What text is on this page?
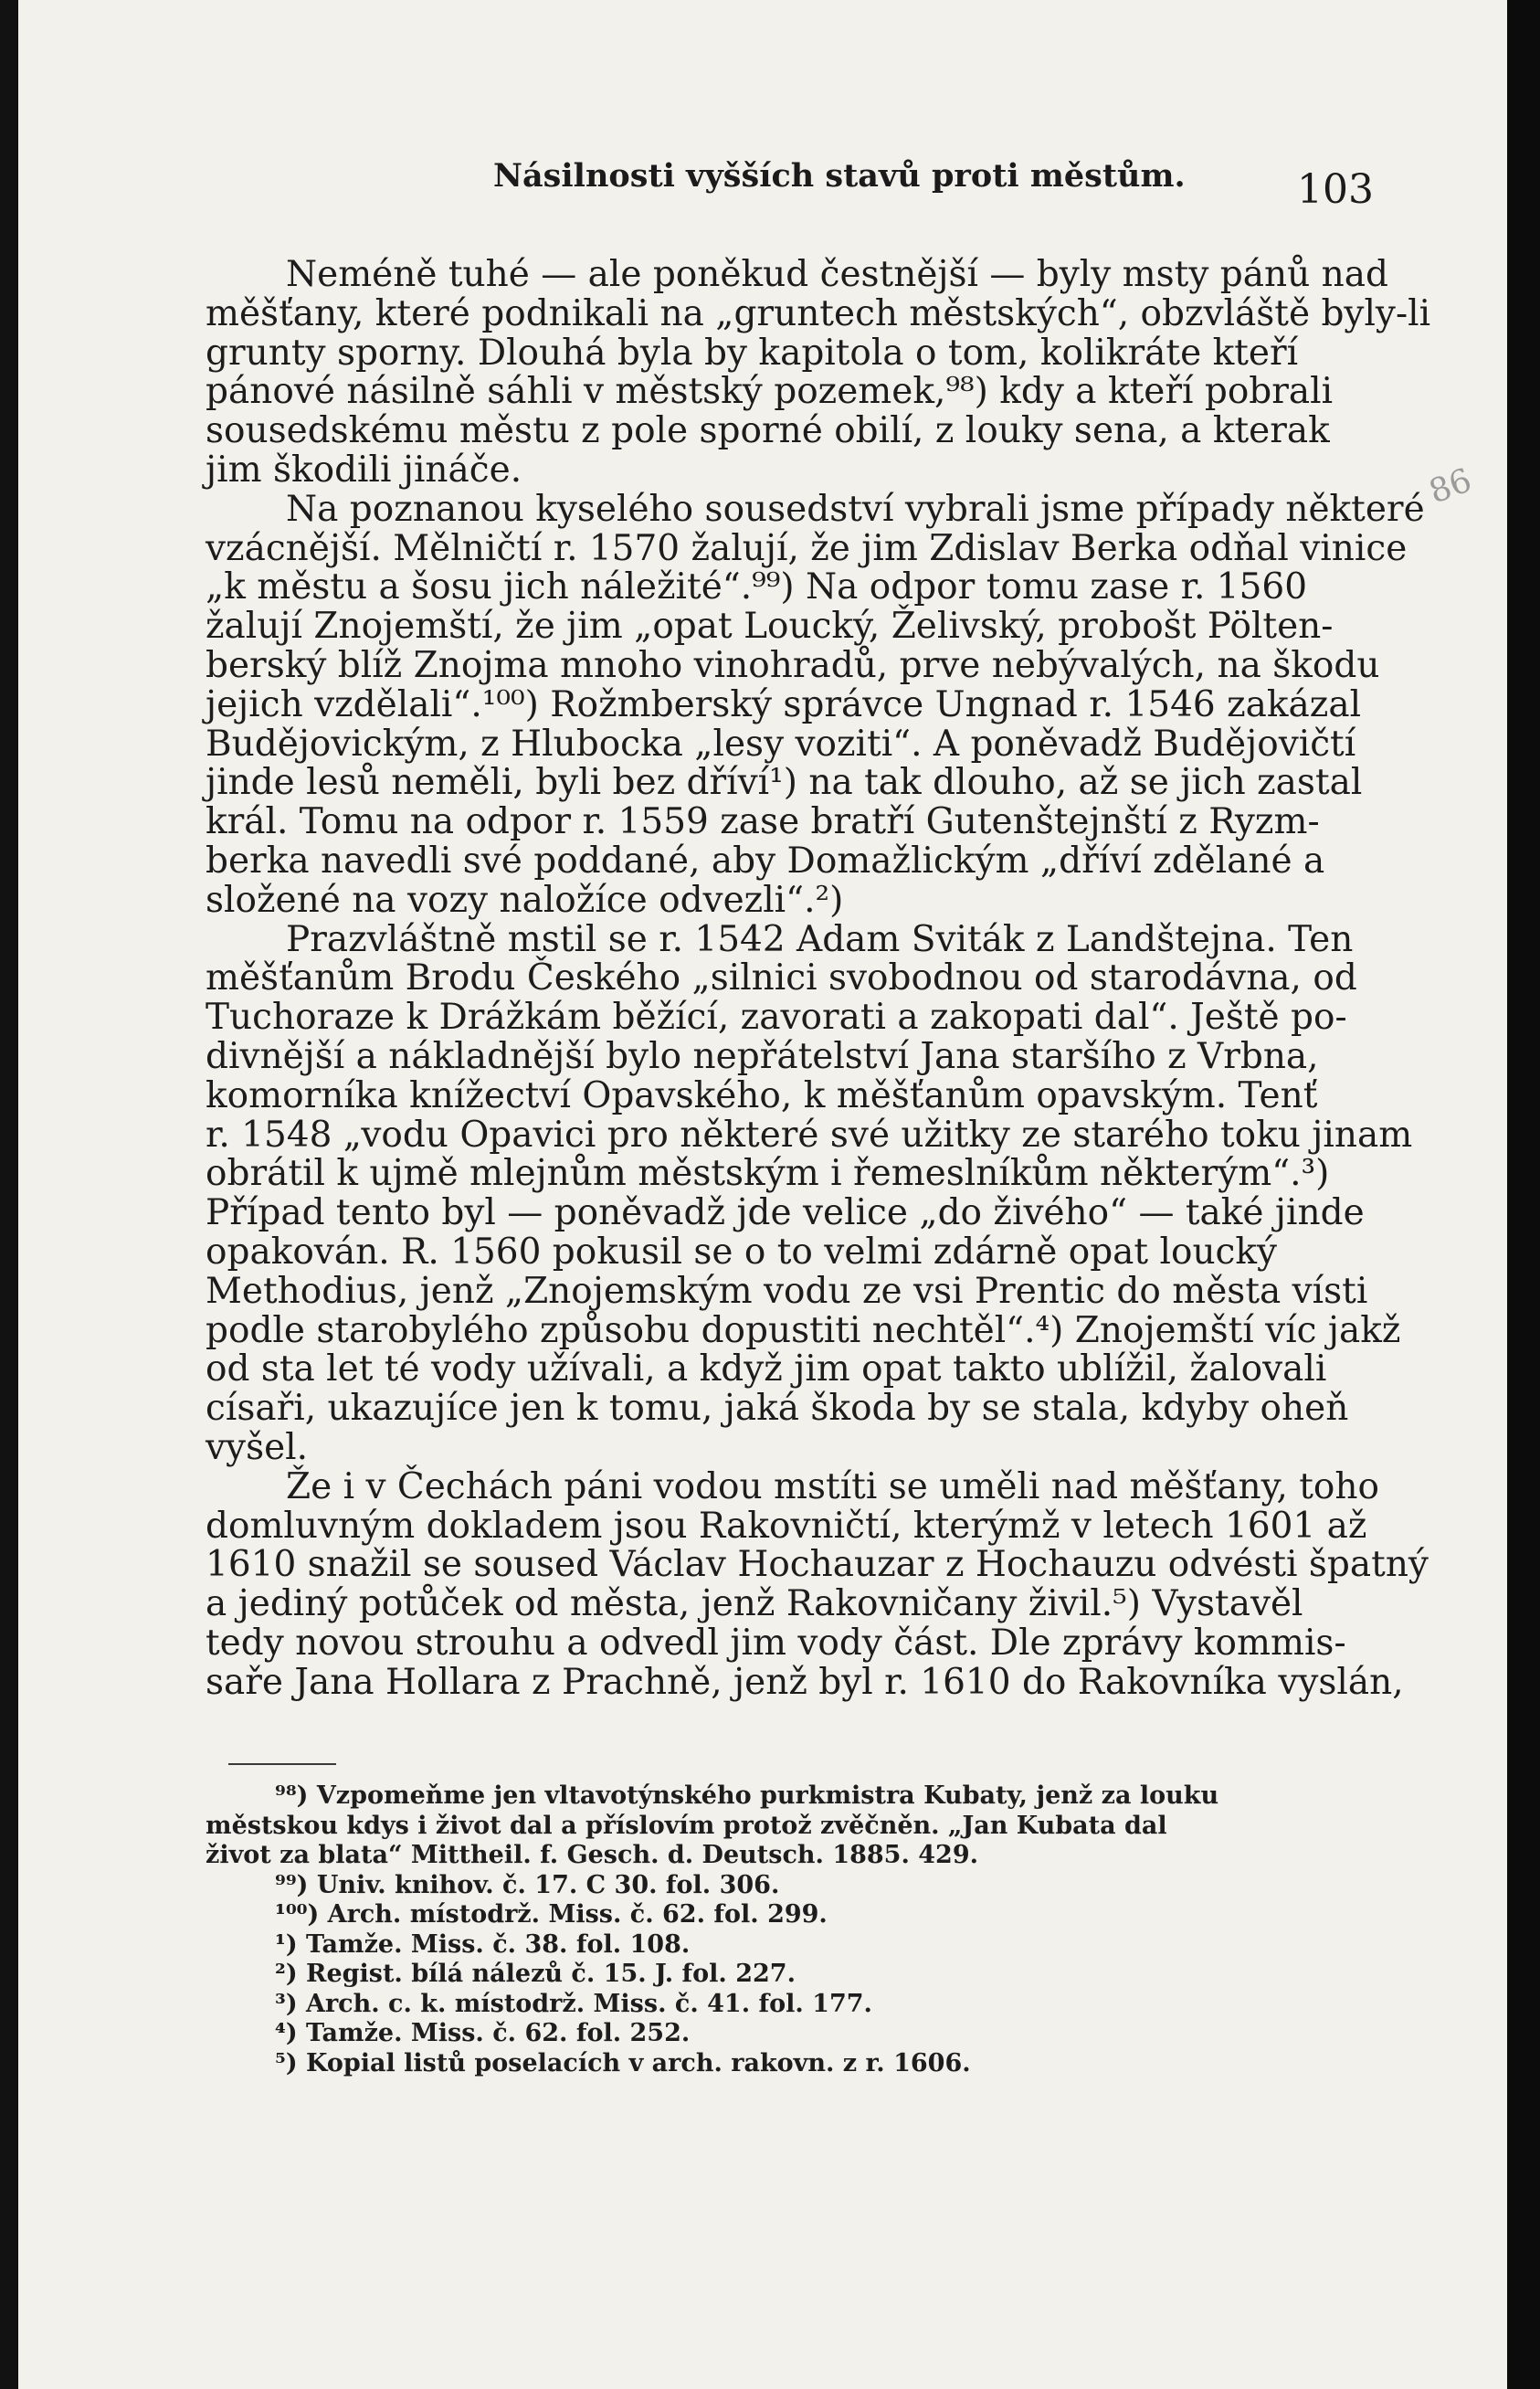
Násilnosti vyšších stavů proti městům.	103
86
Neméně tuhé — ale poněkud čestnější — byly msty pánů nad
měšťany, které podnikali na „gruntech městských“, obzvláště byly-li
grunty sporny. Dlouhá byla by kapitola o tom, kolikráte kteří
pánové násilně sáhli v městský pozemek,⁹⁸) kdy a kteří pobrali
sousedskému městu z pole sporné obilí, z louky sena, a kterak
jim škodili jináče.
Na poznanou kyselého sousedství vybrali jsme případy některé
vzácnější. Mělničtí r. 1570 žalují, že jim Zdislav Berka odňal vinice
„k městu a šosu jich náležité“.⁹⁹) Na odpor tomu zase r. 1560
žalují Znojemští, že jim „opat Loucký, Želivský, probošt Pölten-
berský blíž Znojma mnoho vinohradů, prve nebývalých, na škodu
jejich vzdělali“.¹⁰⁰) Rožmberský správce Ungnad r. 1546 zakázal
Budějovickým, z Hlubocka „lesy voziti“. A poněvadž Budějovičtí
jinde lesů neměli, byli bez dříví¹) na tak dlouho, až se jich zastal
král. Tomu na odpor r. 1559 zase bratří Gutenštejnští z Ryzm-
berka navedli své poddané, aby Domažlickým „dříví zdělané a
složené na vozy naložíce odvezli“.²)
Prazvláštně mstil se r. 1542 Adam Sviták z Landštejna. Ten
měšťanům Brodu Českého „silnici svobodnou od starodávna, od
Tuchoraze k Drážkám běžící, zavorati a zakopati dal“. Ještě po-
divnější a nákladnější bylo nepřátelství Jana staršího z Vrbna,
komorníka knížectví Opavského, k měšťanům opavským. Tenť
r. 1548 „vodu Opavici pro některé své užitky ze starého toku jinam
obrátil k ujmě mlejnům městským i řemeslníkům některým“.³)
Případ tento byl — poněvadž jde velice „do živého“ — také jinde
opakován. R. 1560 pokusil se o to velmi zdárně opat loucký
Methodius, jenž „Znojemským vodu ze vsi Prentic do města vísti
podle starobylého způsobu dopustiti nechtěl“.⁴) Znojemští víc jakž
od sta let té vody užívali, a když jim opat takto ublížil, žalovali
císaři, ukazujíce jen k tomu, jaká škoda by se stala, kdyby oheň
vyšel.
Že i v Čechách páni vodou mstíti se uměli nad měšťany, toho
domluvným dokladem jsou Rakovničtí, kterýmž v letech 1601 až
1610 snažil se soused Václav Hochauzar z Hochauzu odvésti špatný
a jediný potůček od města, jenž Rakovničany živil.⁵) Vystavěl
tedy novou strouhu a odvedl jim vody část. Dle zprávy kommis-
saře Jana Hollara z Prachně, jenž byl r. 1610 do Rakovníka vyslán,
⁹⁸) Vzpomeňme jen vltavotýnského purkmistra Kubaty, jenž za louku
městskou kdys i život dal a příslovím protož zvěčněn. „Jan Kubata dal
život za blata“ Mittheil. f. Gesch. d. Deutsch. 1885. 429.
⁹⁹) Univ. knihov. č. 17. C 30. fol. 306.
¹⁰⁰) Arch. místodrž. Miss. č. 62. fol. 299.
¹) Tamže. Miss. č. 38. fol. 108.
²) Regist. bílá nálezů č. 15. J. fol. 227.
³) Arch. c. k. místodrž. Miss. č. 41. fol. 177.
⁴) Tamže. Miss. č. 62. fol. 252.
⁵) Kopial listů poselacích v arch. rakovn. z r. 1606.
